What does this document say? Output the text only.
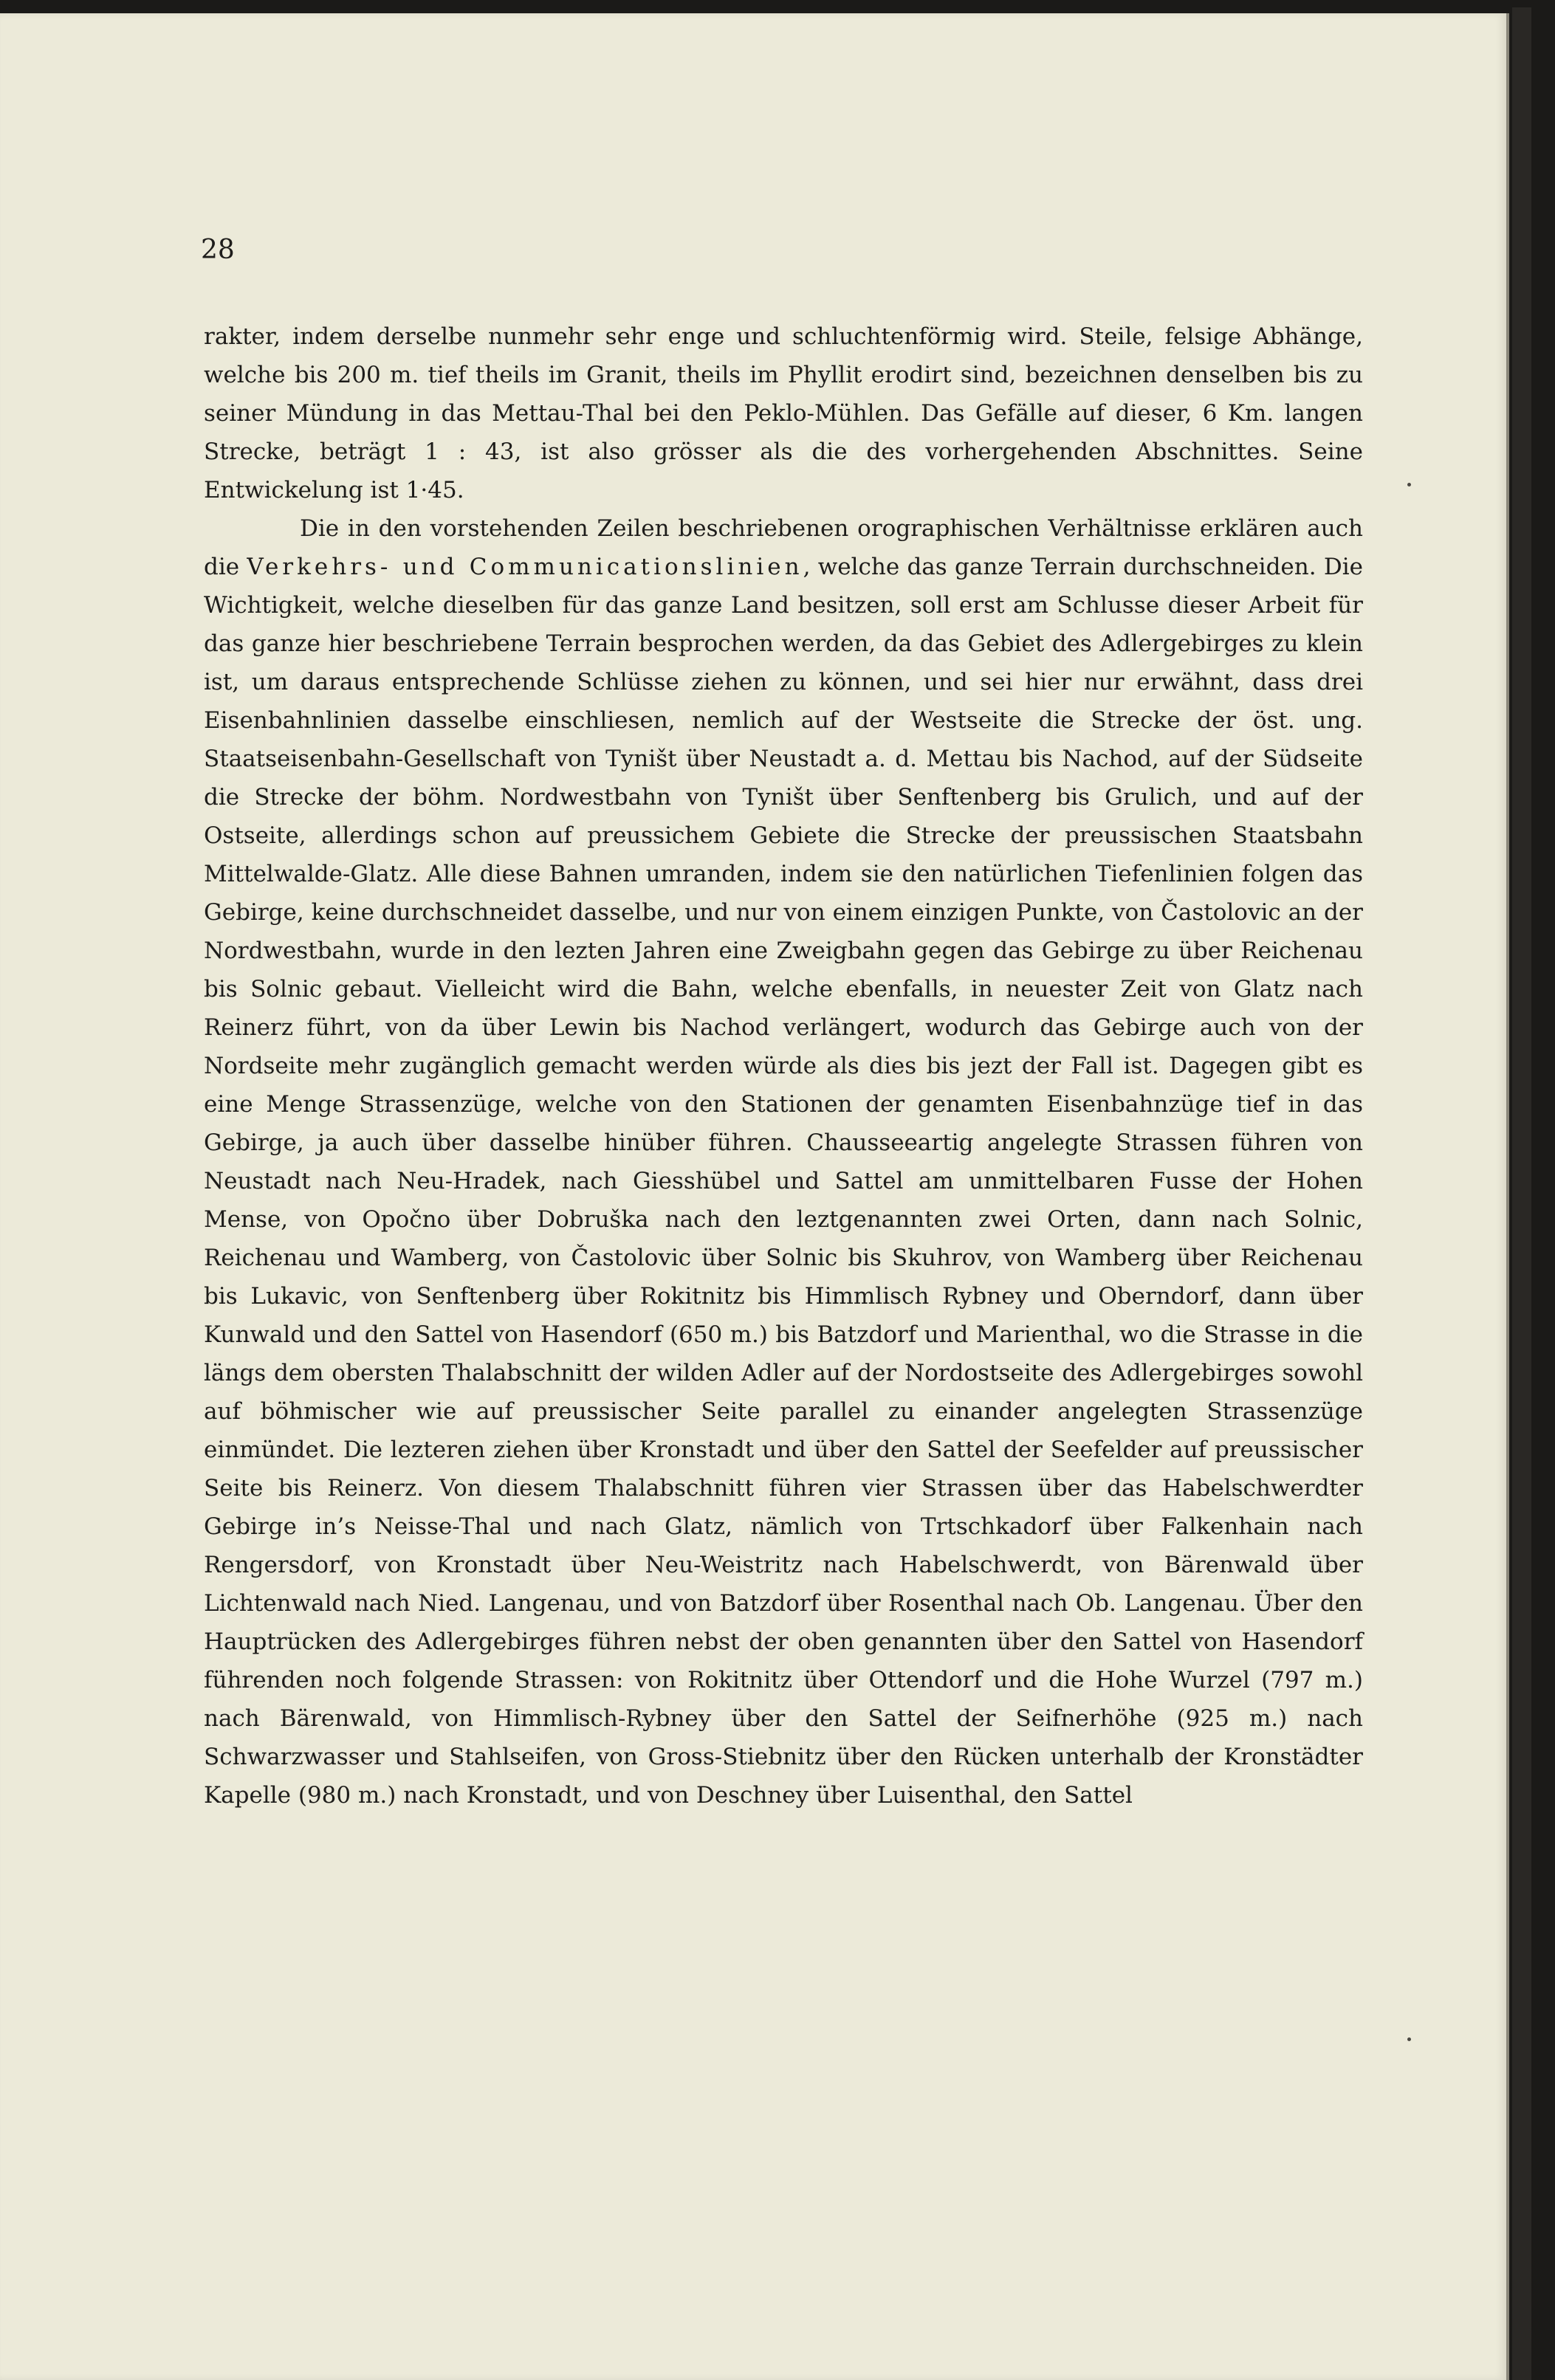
28

rakter, indem derselbe nunmehr sehr enge und schluchtenförmig wird. Steile, felsige Abhänge, welche bis 200 m. tief theils im Granit, theils im Phyllit erodirt sind, bezeichnen denselben bis zu seiner Mündung in das Mettau-Thal bei den Peklo-Mühlen. Das Gefälle auf dieser, 6 Km. langen Strecke, beträgt 1 : 43, ist also grösser als die des vorhergehenden Abschnittes. Seine Entwickelung ist 1·45.

Die in den vorstehenden Zeilen beschriebenen orographischen Verhältnisse erklären auch die Verkehrs- und Communicationslinien, welche das ganze Terrain durchschneiden. Die Wichtigkeit, welche dieselben für das ganze Land besitzen, soll erst am Schlusse dieser Arbeit für das ganze hier beschriebene Terrain besprochen werden, da das Gebiet des Adlergebirges zu klein ist, um daraus entsprechende Schlüsse ziehen zu können, und sei hier nur erwähnt, dass drei Eisenbahnlinien dasselbe einschliesen, nemlich auf der Westseite die Strecke der öst. ung. Staatseisenbahn-Gesellschaft von Tyništ über Neustadt a. d. Mettau bis Nachod, auf der Südseite die Strecke der böhm. Nordwestbahn von Tyništ über Senftenberg bis Grulich, und auf der Ostseite, allerdings schon auf preussichem Gebiete die Strecke der preussischen Staatsbahn Mittelwalde-Glatz. Alle diese Bahnen umranden, indem sie den natürlichen Tiefenlinien folgen das Gebirge, keine durchschneidet dasselbe, und nur von einem einzigen Punkte, von Častolovic an der Nordwestbahn, wurde in den lezten Jahren eine Zweigbahn gegen das Gebirge zu über Reichenau bis Solnic gebaut. Vielleicht wird die Bahn, welche ebenfalls, in neuester Zeit von Glatz nach Reinerz führt, von da über Lewin bis Nachod verlängert, wodurch das Gebirge auch von der Nordseite mehr zugänglich gemacht werden würde als dies bis jezt der Fall ist. Dagegen gibt es eine Menge Strassenzüge, welche von den Stationen der genamten Eisenbahnzüge tief in das Gebirge, ja auch über dasselbe hinüber führen. Chausseeartig angelegte Strassen führen von Neustadt nach Neu-Hradek, nach Giesshübel und Sattel am unmittelbaren Fusse der Hohen Mense, von Opočno über Dobruška nach den leztgenannten zwei Orten, dann nach Solnic, Reichenau und Wamberg, von Častolovic über Solnic bis Skuhrov, von Wamberg über Reichenau bis Lukavic, von Senftenberg über Rokitnitz bis Himmlisch Rybney und Oberndorf, dann über Kunwald und den Sattel von Hasendorf (650 m.) bis Batzdorf und Marienthal, wo die Strasse in die längs dem obersten Thalabschnitt der wilden Adler auf der Nordostseite des Adlergebirges sowohl auf böhmischer wie auf preussischer Seite parallel zu einander angelegten Strassenzüge einmündet. Die lezteren ziehen über Kronstadt und über den Sattel der Seefelder auf preussischer Seite bis Reinerz. Von diesem Thalabschnitt führen vier Strassen über das Habelschwerdter Gebirge in’s Neisse-Thal und nach Glatz, nämlich von Trtschkadorf über Falkenhain nach Rengersdorf, von Kronstadt über Neu-Weistritz nach Habelschwerdt, von Bärenwald über Lichtenwald nach Nied. Langenau, und von Batzdorf über Rosenthal nach Ob. Langenau. Über den Hauptrücken des Adlergebirges führen nebst der oben genannten über den Sattel von Hasendorf führenden noch folgende Strassen: von Rokitnitz über Ottendorf und die Hohe Wurzel (797 m.) nach Bärenwald, von Himmlisch-Rybney über den Sattel der Seifnerhöhe (925 m.) nach Schwarzwasser und Stahlseifen, von Gross-Stiebnitz über den Rücken unterhalb der Kronstädter Kapelle (980 m.) nach Kronstadt, und von Deschney über Luisenthal, den Sattel
